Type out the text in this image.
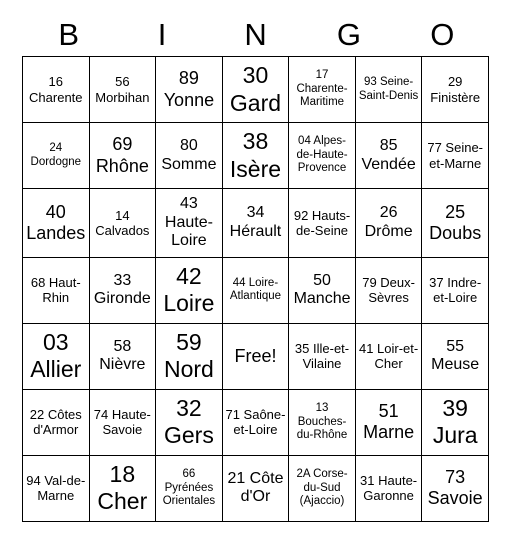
B	I	N	G	O
16 Charente	56 Morbihan	89 Yonne	30 Gard	17 Charente-Maritime	93 Seine-Saint-Denis	29 Finistère
24 Dordogne	69 Rhône	80 Somme	38 Isère	04 Alpes-de-Haute-Provence	85 Vendée	77 Seine-et-Marne
40 Landes	14 Calvados	43 Haute-Loire	34 Hérault	92 Hauts-de-Seine	26 Drôme	25 Doubs
68 Haut-Rhin	33 Gironde	42 Loire	44 Loire-Atlantique	50 Manche	79 Deux-Sèvres	37 Indre-et-Loire
03 Allier	58 Nièvre	59 Nord	Free!	35 Ille-et-Vilaine	41 Loir-et-Cher	55 Meuse
22 Côtes d'Armor	74 Haute-Savoie	32 Gers	71 Saône-et-Loire	13 Bouches-du-Rhône	51 Marne	39 Jura
94 Val-de-Marne	18 Cher	66 Pyrénées Orientales	21 Côte d'Or	2A Corse-du-Sud (Ajaccio)	31 Haute-Garonne	73 Savoie
